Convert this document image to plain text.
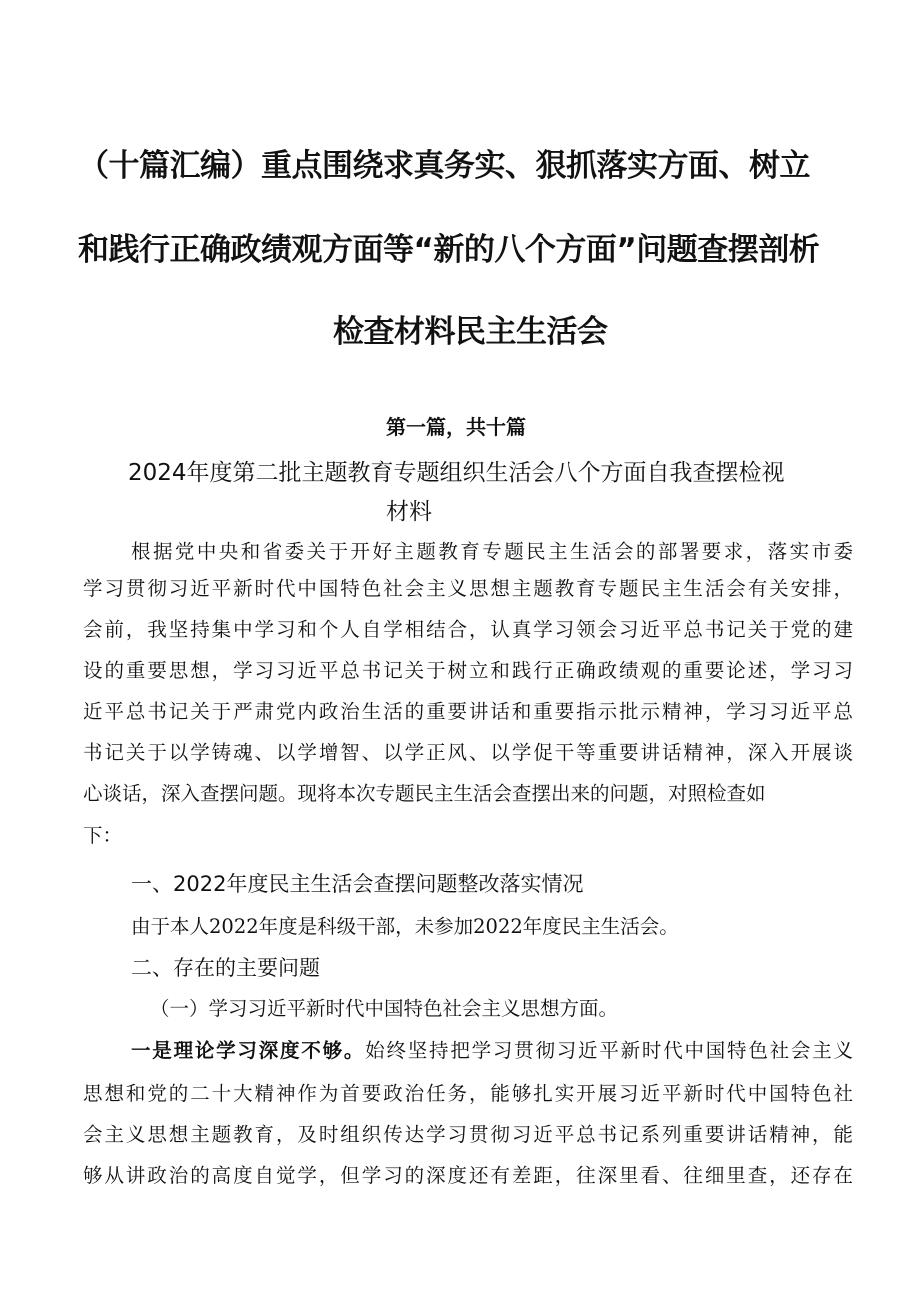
（十篇汇编）重点围绕求真务实、狠抓落实方面、树立
和践行正确政绩观方面等“新的八个方面”问题查摆剖析
检查材料民主生活会
第一篇，共十篇
2024年度第二批主题教育专题组织生活会八个方面自我查摆检视
材料
根据党中央和省委关于开好主题教育专题民主生活会的部署要求，落实市委
学习贯彻习近平新时代中国特色社会主义思想主题教育专题民主生活会有关安排，
会前，我坚持集中学习和个人自学相结合，认真学习领会习近平总书记关于党的建
设的重要思想，学习习近平总书记关于树立和践行正确政绩观的重要论述，学习习
近平总书记关于严肃党内政治生活的重要讲话和重要指示批示精神，学习习近平总
书记关于以学铸魂、以学增智、以学正风、以学促干等重要讲话精神，深入开展谈
心谈话，深入查摆问题。现将本次专题民主生活会查摆出来的问题，对照检查如
下：
一、2022年度民主生活会查摆问题整改落实情况
由于本人2022年度是科级干部，未参加2022年度民主生活会。
二、存在的主要问题
（一）学习习近平新时代中国特色社会主义思想方面。
一是理论学习深度不够。始终坚持把学习贯彻习近平新时代中国特色社会主义
思想和党的二十大精神作为首要政治任务，能够扎实开展习近平新时代中国特色社
会主义思想主题教育，及时组织传达学习贯彻习近平总书记系列重要讲话精神，能
够从讲政治的高度自觉学，但学习的深度还有差距，往深里看、往细里查，还存在
